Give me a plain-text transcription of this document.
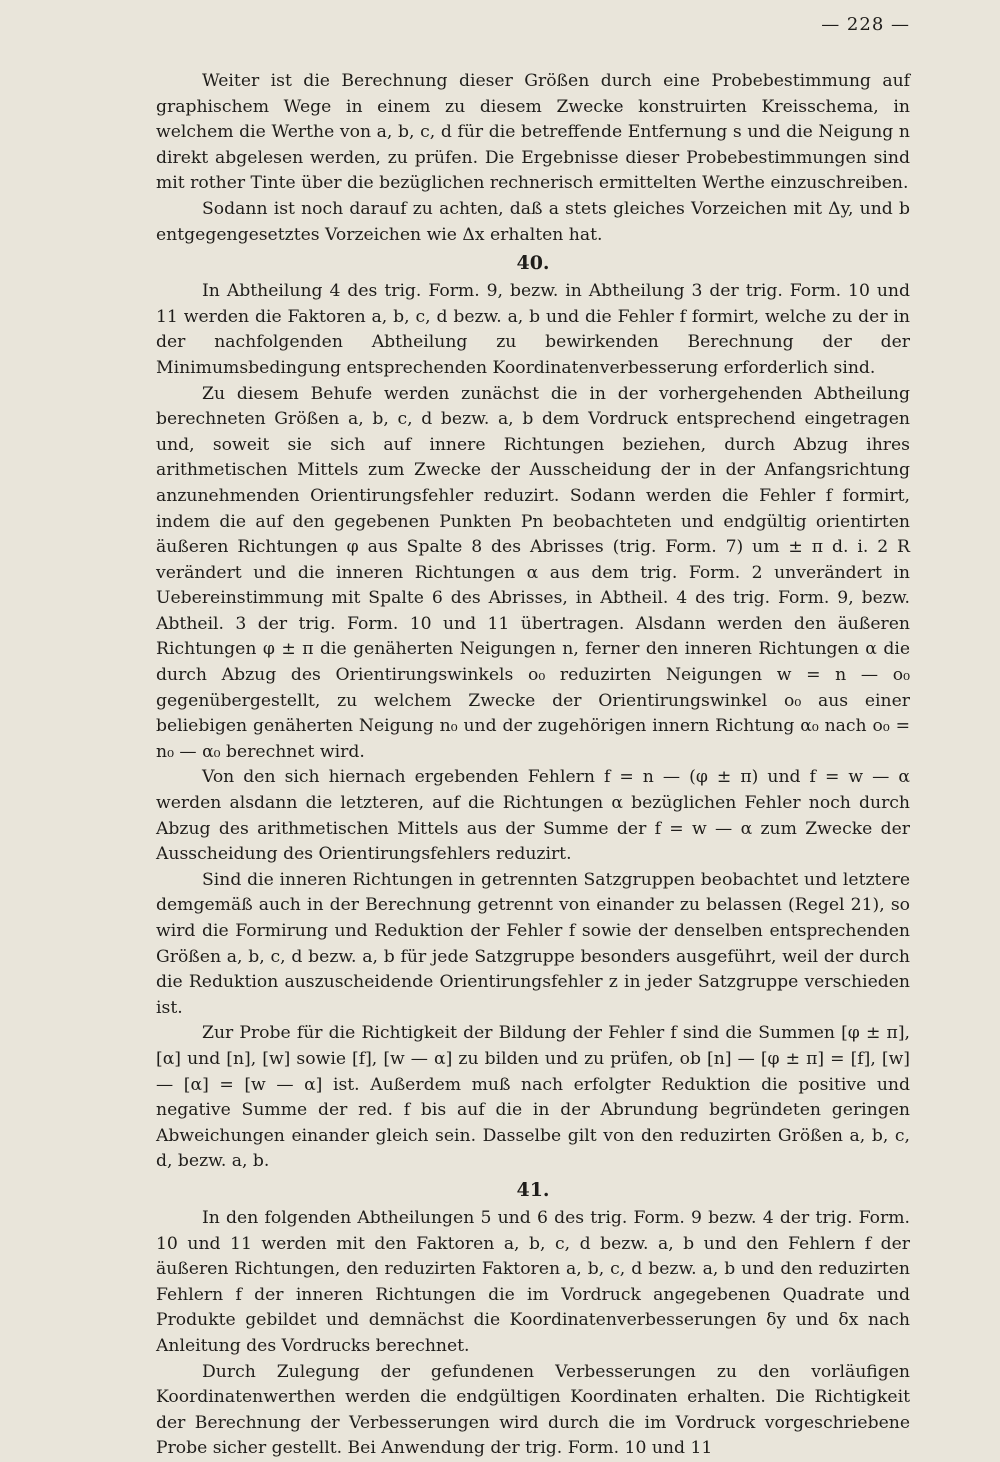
— 228 —

Weiter ist die Berechnung dieser Größen durch eine Probebestimmung auf graphischem Wege in einem zu diesem Zwecke konstruirten Kreisschema, in welchem die Werthe von a, b, c, d für die betreffende Entfernung s und die Neigung n direkt abgelesen werden, zu prüfen. Die Ergebnisse dieser Probebestimmungen sind mit rother Tinte über die bezüglichen rechnerisch ermittelten Werthe einzuschreiben.

Sodann ist noch darauf zu achten, daß a stets gleiches Vorzeichen mit Δy, und b entgegengesetztes Vorzeichen wie Δx erhalten hat.

40.

In Abtheilung 4 des trig. Form. 9, bezw. in Abtheilung 3 der trig. Form. 10 und 11 werden die Faktoren a, b, c, d bezw. a, b und die Fehler f formirt, welche zu der in der nachfolgenden Abtheilung zu bewirkenden Berechnung der der Minimumsbedingung entsprechenden Koordinatenverbesserung erforderlich sind.

Zu diesem Behufe werden zunächst die in der vorhergehenden Abtheilung berechneten Größen a, b, c, d bezw. a, b dem Vordruck entsprechend eingetragen und, soweit sie sich auf innere Richtungen beziehen, durch Abzug ihres arithmetischen Mittels zum Zwecke der Ausscheidung der in der Anfangsrichtung anzunehmenden Orientirungsfehler reduzirt. Sodann werden die Fehler f formirt, indem die auf den gegebenen Punkten Pn beobachteten und endgültig orientirten äußeren Richtungen φ aus Spalte 8 des Abrisses (trig. Form. 7) um ± π d. i. 2 R verändert und die inneren Richtungen α aus dem trig. Form. 2 unverändert in Uebereinstimmung mit Spalte 6 des Abrisses, in Abtheil. 4 des trig. Form. 9, bezw. Abtheil. 3 der trig. Form. 10 und 11 übertragen. Alsdann werden den äußeren Richtungen φ ± π die genäherten Neigungen n, ferner den inneren Richtungen α die durch Abzug des Orientirungswinkels o₀ reduzirten Neigungen w = n — o₀ gegenübergestellt, zu welchem Zwecke der Orientirungswinkel o₀ aus einer beliebigen genäherten Neigung n₀ und der zugehörigen innern Richtung α₀ nach o₀ = n₀ — α₀ berechnet wird.

Von den sich hiernach ergebenden Fehlern f = n — (φ ± π) und f = w — α werden alsdann die letzteren, auf die Richtungen α bezüglichen Fehler noch durch Abzug des arithmetischen Mittels aus der Summe der f = w — α zum Zwecke der Ausscheidung des Orientirungsfehlers reduzirt.

Sind die inneren Richtungen in getrennten Satzgruppen beobachtet und letztere demgemäß auch in der Berechnung getrennt von einander zu belassen (Regel 21), so wird die Formirung und Reduktion der Fehler f sowie der denselben entsprechenden Größen a, b, c, d bezw. a, b für jede Satzgruppe besonders ausgeführt, weil der durch die Reduktion auszuscheidende Orientirungsfehler z in jeder Satzgruppe verschieden ist.

Zur Probe für die Richtigkeit der Bildung der Fehler f sind die Summen [φ ± π], [α] und [n], [w] sowie [f], [w — α] zu bilden und zu prüfen, ob [n] — [φ ± π] = [f], [w] — [α] = [w — α] ist. Außerdem muß nach erfolgter Reduktion die positive und negative Summe der red. f bis auf die in der Abrundung begründeten geringen Abweichungen einander gleich sein. Dasselbe gilt von den reduzirten Größen a, b, c, d, bezw. a, b.

41.

In den folgenden Abtheilungen 5 und 6 des trig. Form. 9 bezw. 4 der trig. Form. 10 und 11 werden mit den Faktoren a, b, c, d bezw. a, b und den Fehlern f der äußeren Richtungen, den reduzirten Faktoren a, b, c, d bezw. a, b und den reduzirten Fehlern f der inneren Richtungen die im Vordruck angegebenen Quadrate und Produkte gebildet und demnächst die Koordinatenverbesserungen δy und δx nach Anleitung des Vordrucks berechnet.

Durch Zulegung der gefundenen Verbesserungen zu den vorläufigen Koordinatenwerthen werden die endgültigen Koordinaten erhalten. Die Richtigkeit der Berechnung der Verbesserungen wird durch die im Vordruck vorgeschriebene Probe sicher gestellt. Bei Anwendung der trig. Form. 10 und 11
